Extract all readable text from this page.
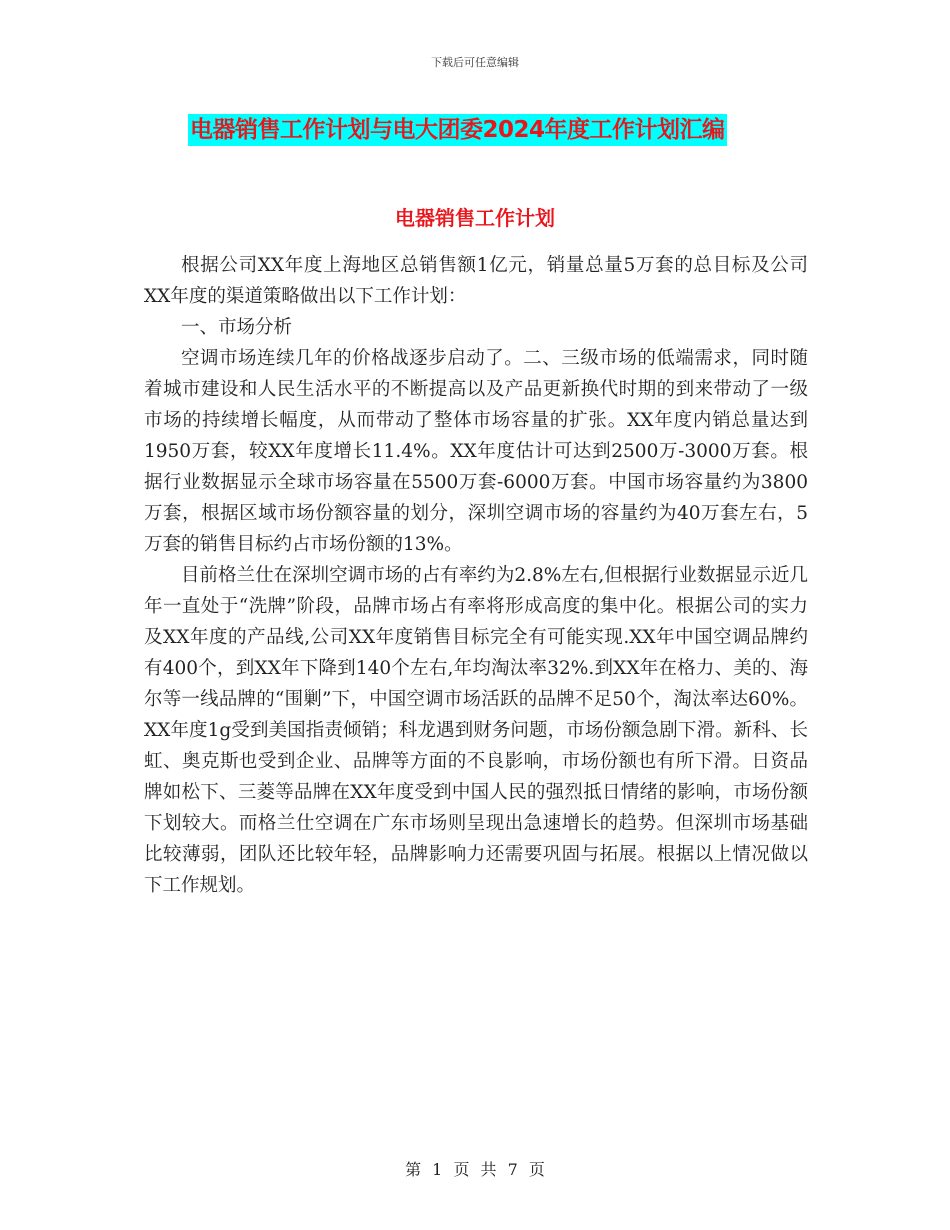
下载后可任意编辑
电器销售工作计划与电大团委2024年度工作计划汇编
电器销售工作计划

根据公司XX年度上海地区总销售额1亿元，销量总量5万套的总目标及公司XX年度的渠道策略做出以下工作计划：

一、市场分析

空调市场连续几年的价格战逐步启动了。二、三级市场的低端需求，同时随着城市建设和人民生活水平的不断提高以及产品更新换代时期的到来带动了一级市场的持续增长幅度，从而带动了整体市场容量的扩张。XX年度内销总量达到1950万套，较XX年度增长11.4%。XX年度估计可达到2500万-3000万套。根据行业数据显示全球市场容量在5500万套-6000万套。中国市场容量约为3800万套，根据区域市场份额容量的划分，深圳空调市场的容量约为40万套左右，5万套的销售目标约占市场份额的13%。

目前格兰仕在深圳空调市场的占有率约为2.8%左右,但根据行业数据显示近几年一直处于“洗牌”阶段，品牌市场占有率将形成高度的集中化。根据公司的实力及XX年度的产品线,公司XX年度销售目标完全有可能实现.XX年中国空调品牌约有400个，到XX年下降到140个左右,年均淘汰率32%.到XX年在格力、美的、海尔等一线品牌的“围剿”下，中国空调市场活跃的品牌不足50个，淘汰率达60%。XX年度1g受到美国指责倾销；科龙遇到财务问题，市场份额急剧下滑。新科、长虹、奥克斯也受到企业、品牌等方面的不良影响，市场份额也有所下滑。日资品牌如松下、三菱等品牌在XX年度受到中国人民的强烈抵日情绪的影响，市场份额下划较大。而格兰仕空调在广东市场则呈现出急速增长的趋势。但深圳市场基础比较薄弱，团队还比较年轻，品牌影响力还需要巩固与拓展。根据以上情况做以下工作规划。

第 1 页 共 7 页
